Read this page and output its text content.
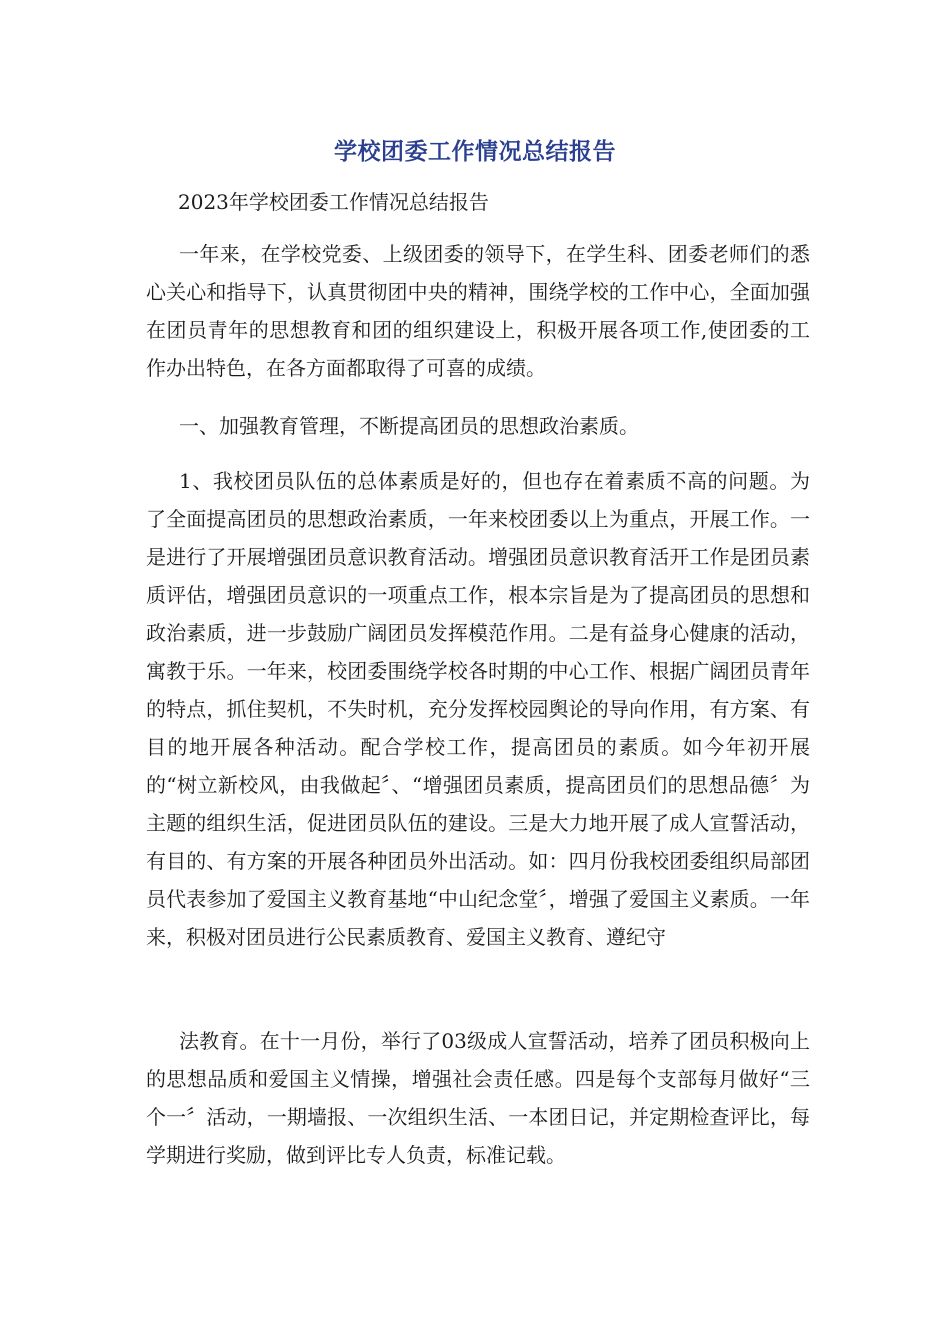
学校团委工作情况总结报告
2023年学校团委工作情况总结报告

一年来，在学校党委、上级团委的领导下，在学生科、团委老师们的悉心关心和指导下，认真贯彻团中央的精神，围绕学校的工作中心，全面加强在团员青年的思想教育和团的组织建设上，积极开展各项工作,使团委的工作办出特色，在各方面都取得了可喜的成绩。

一、加强教育管理，不断提高团员的思想政治素质。

1、我校团员队伍的总体素质是好的，但也存在着素质不高的问题。为了全面提高团员的思想政治素质，一年来校团委以上为重点，开展工作。一是进行了开展增强团员意识教育活动。增强团员意识教育活开工作是团员素质评估，增强团员意识的一项重点工作，根本宗旨是为了提高团员的思想和政治素质，进一步鼓励广阔团员发挥模范作用。二是有益身心健康的活动，寓教于乐。一年来，校团委围绕学校各时期的中心工作、根据广阔团员青年的特点，抓住契机，不失时机，充分发挥校园舆论的导向作用，有方案、有目的地开展各种活动。配合学校工作，提高团员的素质。如今年初开展的“树立新校风，由我做起〞、“增强团员素质，提高团员们的思想品德〞为主题的组织生活，促进团员队伍的建设。三是大力地开展了成人宣誓活动，有目的、有方案的开展各种团员外出活动。如：四月份我校团委组织局部团员代表参加了爱国主义教育基地“中山纪念堂〞，增强了爱国主义素质。一年来，积极对团员进行公民素质教育、爱国主义教育、遵纪守

法教育。在十一月份，举行了03级成人宣誓活动，培养了团员积极向上的思想品质和爱国主义情操，增强社会责任感。四是每个支部每月做好“三个一〞活动，一期墙报、一次组织生活、一本团日记，并定期检查评比，每学期进行奖励，做到评比专人负责，标准记载。
